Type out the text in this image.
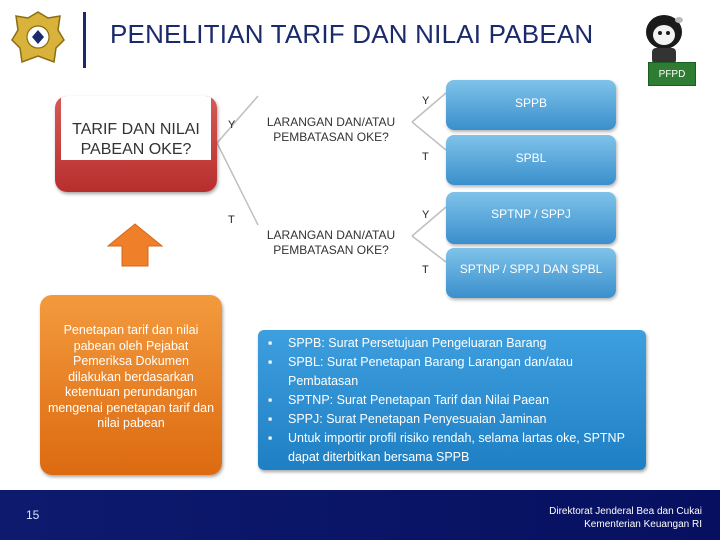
PENELITIAN TARIF DAN NILAI PABEAN
PFPD
TARIF DAN NILAI PABEAN OKE?
Y
T
LARANGAN DAN/ATAU PEMBATASAN OKE?
LARANGAN DAN/ATAU PEMBATASAN OKE?
Y
T
Y
T
SPPB
SPBL
SPTNP / SPPJ
SPTNP / SPPJ DAN SPBL
Penetapan tarif dan nilai pabean oleh Pejabat Pemeriksa Dokumen dilakukan berdasarkan ketentuan perundangan mengenai penetapan tarif dan nilai pabean
▪ SPPB: Surat Persetujuan Pengeluaran Barang
▪ SPBL: Surat Penetapan Barang Larangan dan/atau Pembatasan
▪ SPTNP: Surat Penetapan Tarif dan Nilai Paean
▪ SPPJ: Surat Penetapan Penyesuaian Jaminan
▪ Untuk importir profil risiko rendah, selama lartas oke, SPTNP dapat diterbitkan bersama SPPB
15	Direktorat Jenderal Bea dan Cukai
Kementerian Keuangan RI
